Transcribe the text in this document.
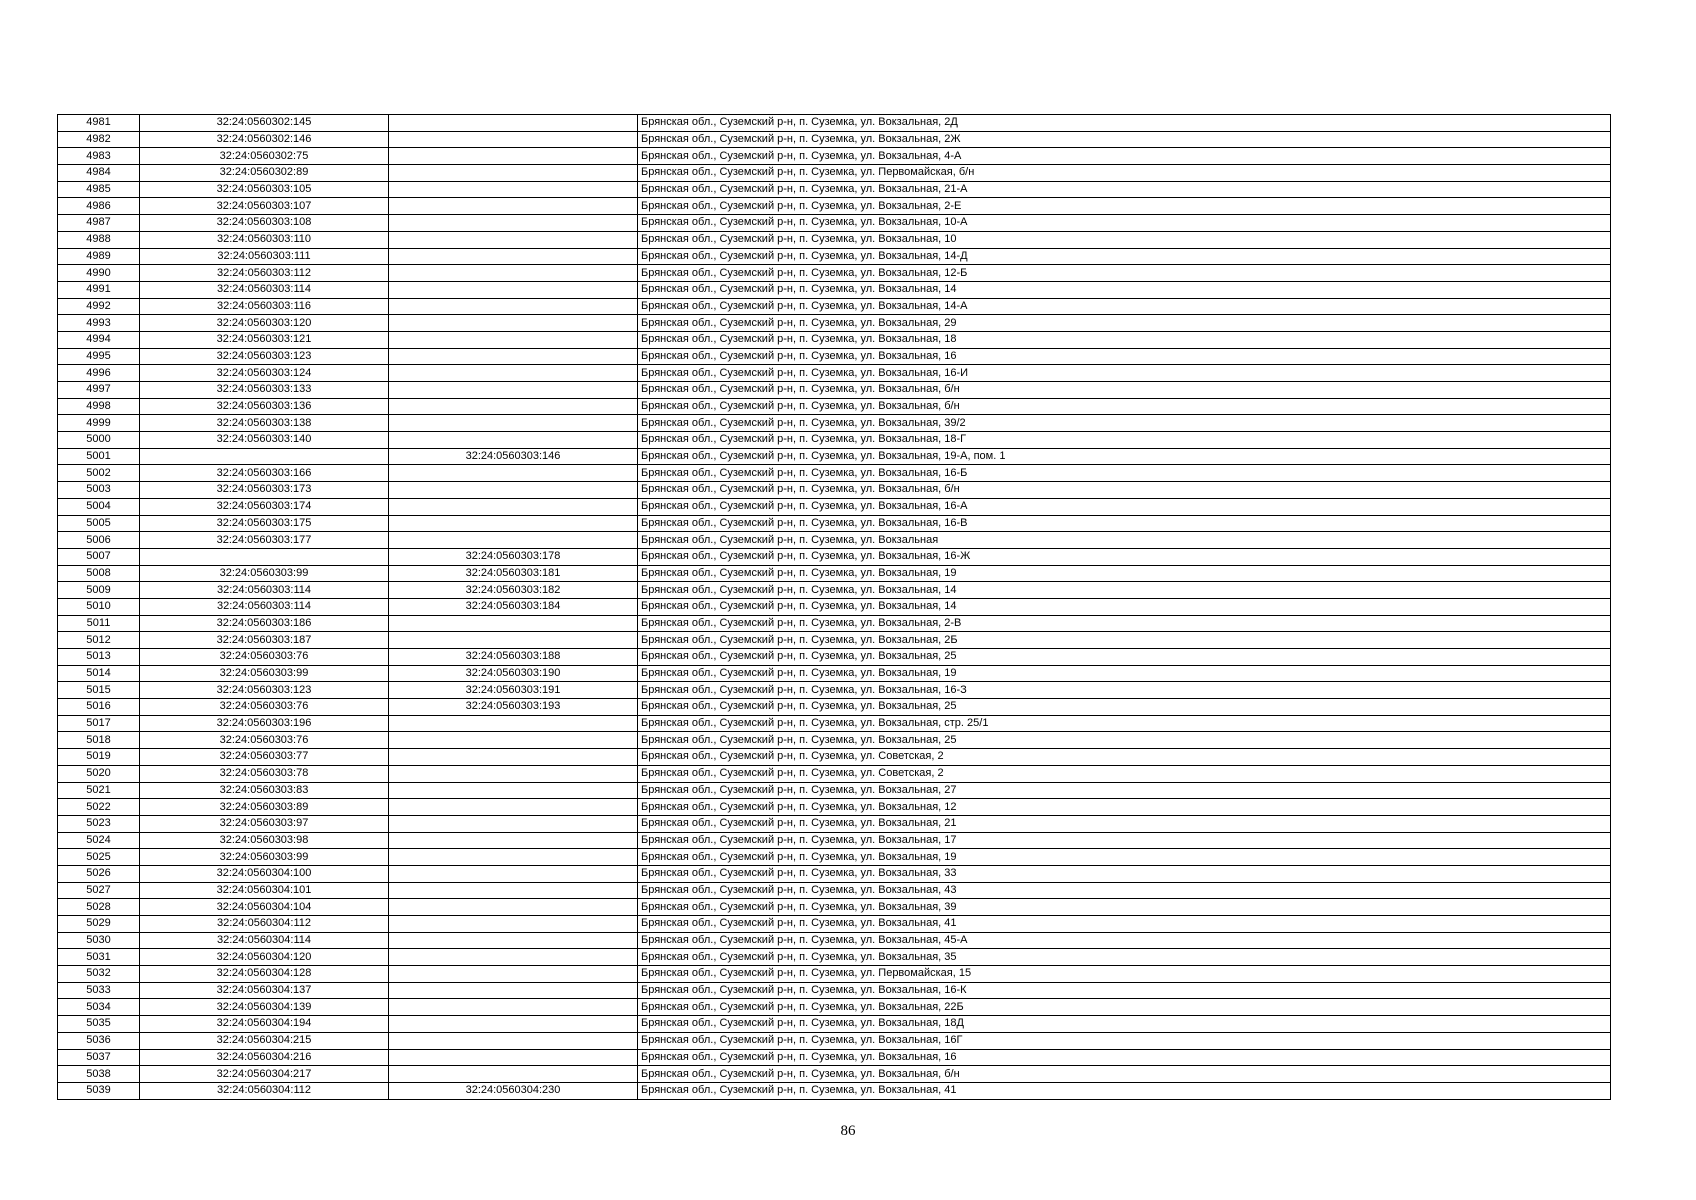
4981	32:24:0560302:145		Брянская обл., Суземский р-н, п. Суземка, ул. Вокзальная, 2Д
4982	32:24:0560302:146		Брянская обл., Суземский р-н, п. Суземка, ул. Вокзальная, 2Ж
4983	32:24:0560302:75		Брянская обл., Суземский р-н, п. Суземка, ул. Вокзальная, 4-А
4984	32:24:0560302:89		Брянская обл., Суземский р-н, п. Суземка, ул. Первомайская, б/н
4985	32:24:0560303:105		Брянская обл., Суземский р-н, п. Суземка, ул. Вокзальная, 21-А
4986	32:24:0560303:107		Брянская обл., Суземский р-н, п. Суземка, ул. Вокзальная, 2-Е
4987	32:24:0560303:108		Брянская обл., Суземский р-н, п. Суземка, ул. Вокзальная, 10-А
4988	32:24:0560303:110		Брянская обл., Суземский р-н, п. Суземка, ул. Вокзальная, 10
4989	32:24:0560303:111		Брянская обл., Суземский р-н, п. Суземка, ул. Вокзальная, 14-Д
4990	32:24:0560303:112		Брянская обл., Суземский р-н, п. Суземка, ул. Вокзальная, 12-Б
4991	32:24:0560303:114		Брянская обл., Суземский р-н, п. Суземка, ул. Вокзальная, 14
4992	32:24:0560303:116		Брянская обл., Суземский р-н, п. Суземка, ул. Вокзальная, 14-А
4993	32:24:0560303:120		Брянская обл., Суземский р-н, п. Суземка, ул. Вокзальная, 29
4994	32:24:0560303:121		Брянская обл., Суземский р-н, п. Суземка, ул. Вокзальная, 18
4995	32:24:0560303:123		Брянская обл., Суземский р-н, п. Суземка, ул. Вокзальная, 16
4996	32:24:0560303:124		Брянская обл., Суземский р-н, п. Суземка, ул. Вокзальная, 16-И
4997	32:24:0560303:133		Брянская обл., Суземский р-н, п. Суземка, ул. Вокзальная, б/н
4998	32:24:0560303:136		Брянская обл., Суземский р-н, п. Суземка, ул. Вокзальная, б/н
4999	32:24:0560303:138		Брянская обл., Суземский р-н, п. Суземка, ул. Вокзальная, 39/2
5000	32:24:0560303:140		Брянская обл., Суземский р-н, п. Суземка, ул. Вокзальная, 18-Г
5001		32:24:0560303:146	Брянская обл., Суземский р-н, п. Суземка, ул. Вокзальная, 19-А, пом. 1
5002	32:24:0560303:166		Брянская обл., Суземский р-н, п. Суземка, ул. Вокзальная, 16-Б
5003	32:24:0560303:173		Брянская обл., Суземский р-н, п. Суземка, ул. Вокзальная, б/н
5004	32:24:0560303:174		Брянская обл., Суземский р-н, п. Суземка, ул. Вокзальная, 16-А
5005	32:24:0560303:175		Брянская обл., Суземский р-н, п. Суземка, ул. Вокзальная, 16-В
5006	32:24:0560303:177		Брянская обл., Суземский р-н, п. Суземка, ул. Вокзальная
5007		32:24:0560303:178	Брянская обл., Суземский р-н, п. Суземка, ул. Вокзальная, 16-Ж
5008	32:24:0560303:99	32:24:0560303:181	Брянская обл., Суземский р-н, п. Суземка, ул. Вокзальная, 19
5009	32:24:0560303:114	32:24:0560303:182	Брянская обл., Суземский р-н, п. Суземка, ул. Вокзальная, 14
5010	32:24:0560303:114	32:24:0560303:184	Брянская обл., Суземский р-н, п. Суземка, ул. Вокзальная, 14
5011	32:24:0560303:186		Брянская обл., Суземский р-н, п. Суземка, ул. Вокзальная, 2-В
5012	32:24:0560303:187		Брянская обл., Суземский р-н, п. Суземка, ул. Вокзальная, 2Б
5013	32:24:0560303:76	32:24:0560303:188	Брянская обл., Суземский р-н, п. Суземка, ул. Вокзальная, 25
5014	32:24:0560303:99	32:24:0560303:190	Брянская обл., Суземский р-н, п. Суземка, ул. Вокзальная, 19
5015	32:24:0560303:123	32:24:0560303:191	Брянская обл., Суземский р-н, п. Суземка, ул. Вокзальная, 16-З
5016	32:24:0560303:76	32:24:0560303:193	Брянская обл., Суземский р-н, п. Суземка, ул. Вокзальная, 25
5017	32:24:0560303:196		Брянская обл., Суземский р-н, п. Суземка, ул. Вокзальная, стр. 25/1
5018	32:24:0560303:76		Брянская обл., Суземский р-н, п. Суземка, ул. Вокзальная, 25
5019	32:24:0560303:77		Брянская обл., Суземский р-н, п. Суземка, ул. Советская, 2
5020	32:24:0560303:78		Брянская обл., Суземский р-н, п. Суземка, ул. Советская, 2
5021	32:24:0560303:83		Брянская обл., Суземский р-н, п. Суземка, ул. Вокзальная, 27
5022	32:24:0560303:89		Брянская обл., Суземский р-н, п. Суземка, ул. Вокзальная, 12
5023	32:24:0560303:97		Брянская обл., Суземский р-н, п. Суземка, ул. Вокзальная, 21
5024	32:24:0560303:98		Брянская обл., Суземский р-н, п. Суземка, ул. Вокзальная, 17
5025	32:24:0560303:99		Брянская обл., Суземский р-н, п. Суземка, ул. Вокзальная, 19
5026	32:24:0560304:100		Брянская обл., Суземский р-н, п. Суземка, ул. Вокзальная, 33
5027	32:24:0560304:101		Брянская обл., Суземский р-н, п. Суземка, ул. Вокзальная, 43
5028	32:24:0560304:104		Брянская обл., Суземский р-н, п. Суземка, ул. Вокзальная, 39
5029	32:24:0560304:112		Брянская обл., Суземский р-н, п. Суземка, ул. Вокзальная, 41
5030	32:24:0560304:114		Брянская обл., Суземский р-н, п. Суземка, ул. Вокзальная, 45-А
5031	32:24:0560304:120		Брянская обл., Суземский р-н, п. Суземка, ул. Вокзальная, 35
5032	32:24:0560304:128		Брянская обл., Суземский р-н, п. Суземка, ул. Первомайская, 15
5033	32:24:0560304:137		Брянская обл., Суземский р-н, п. Суземка, ул. Вокзальная, 16-К
5034	32:24:0560304:139		Брянская обл., Суземский р-н, п. Суземка, ул. Вокзальная, 22Б
5035	32:24:0560304:194		Брянская обл., Суземский р-н, п. Суземка, ул. Вокзальная, 18Д
5036	32:24:0560304:215		Брянская обл., Суземский р-н, п. Суземка, ул. Вокзальная, 16Г
5037	32:24:0560304:216		Брянская обл., Суземский р-н, п. Суземка, ул. Вокзальная, 16
5038	32:24:0560304:217		Брянская обл., Суземский р-н, п. Суземка, ул. Вокзальная, б/н
5039	32:24:0560304:112	32:24:0560304:230	Брянская обл., Суземский р-н, п. Суземка, ул. Вокзальная, 41
86
